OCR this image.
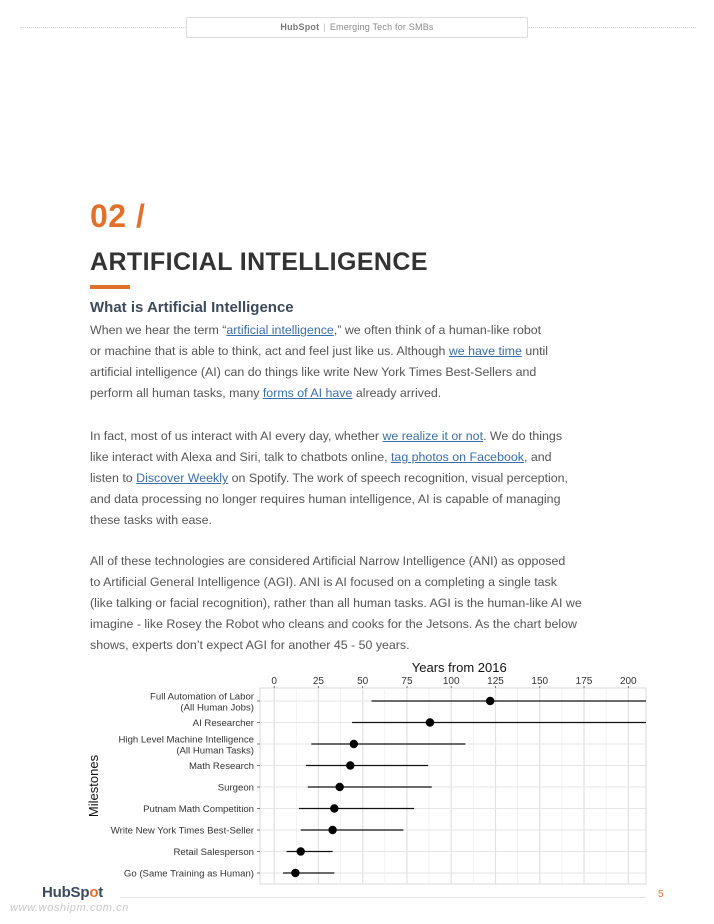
HubSpot | Emerging Tech for SMBs
02 /
ARTIFICIAL INTELLIGENCE
What is Artificial Intelligence
When we hear the term “artificial intelligence,” we often think of a human-like robot
or machine that is able to think, act and feel just like us. Although we have time until
artificial intelligence (AI) can do things like write New York Times Best-Sellers and
perform all human tasks, many forms of AI have already arrived.
In fact, most of us interact with AI every day, whether we realize it or not. We do things
like interact with Alexa and Siri, talk to chatbots online, tag photos on Facebook, and
listen to Discover Weekly on Spotify. The work of speech recognition, visual perception,
and data processing no longer requires human intelligence, AI is capable of managing
these tasks with ease.
All of these technologies are considered Artificial Narrow Intelligence (ANI) as opposed
to Artificial General Intelligence (AGI). ANI is AI focused on a completing a single task
(like talking or facial recognition), rather than all human tasks. AGI is the human-like AI we
imagine - like Rosey the Robot who cleans and cooks for the Jetsons. As the chart below
shows, experts don’t expect AGI for another 45 - 50 years.
0	25	50	75	100	125	150	175	200
Years from 2016
Milestones
Full Automation of Labor
(All Human Jobs)
AI Researcher
High Level Machine Intelligence
(All Human Tasks)
Math Research
Surgeon
Putnam Math Competition
Write New York Times Best-Seller
Retail Salesperson
Go (Same Training as Human)
HubSpot	5
www.woshipm.com.cn
